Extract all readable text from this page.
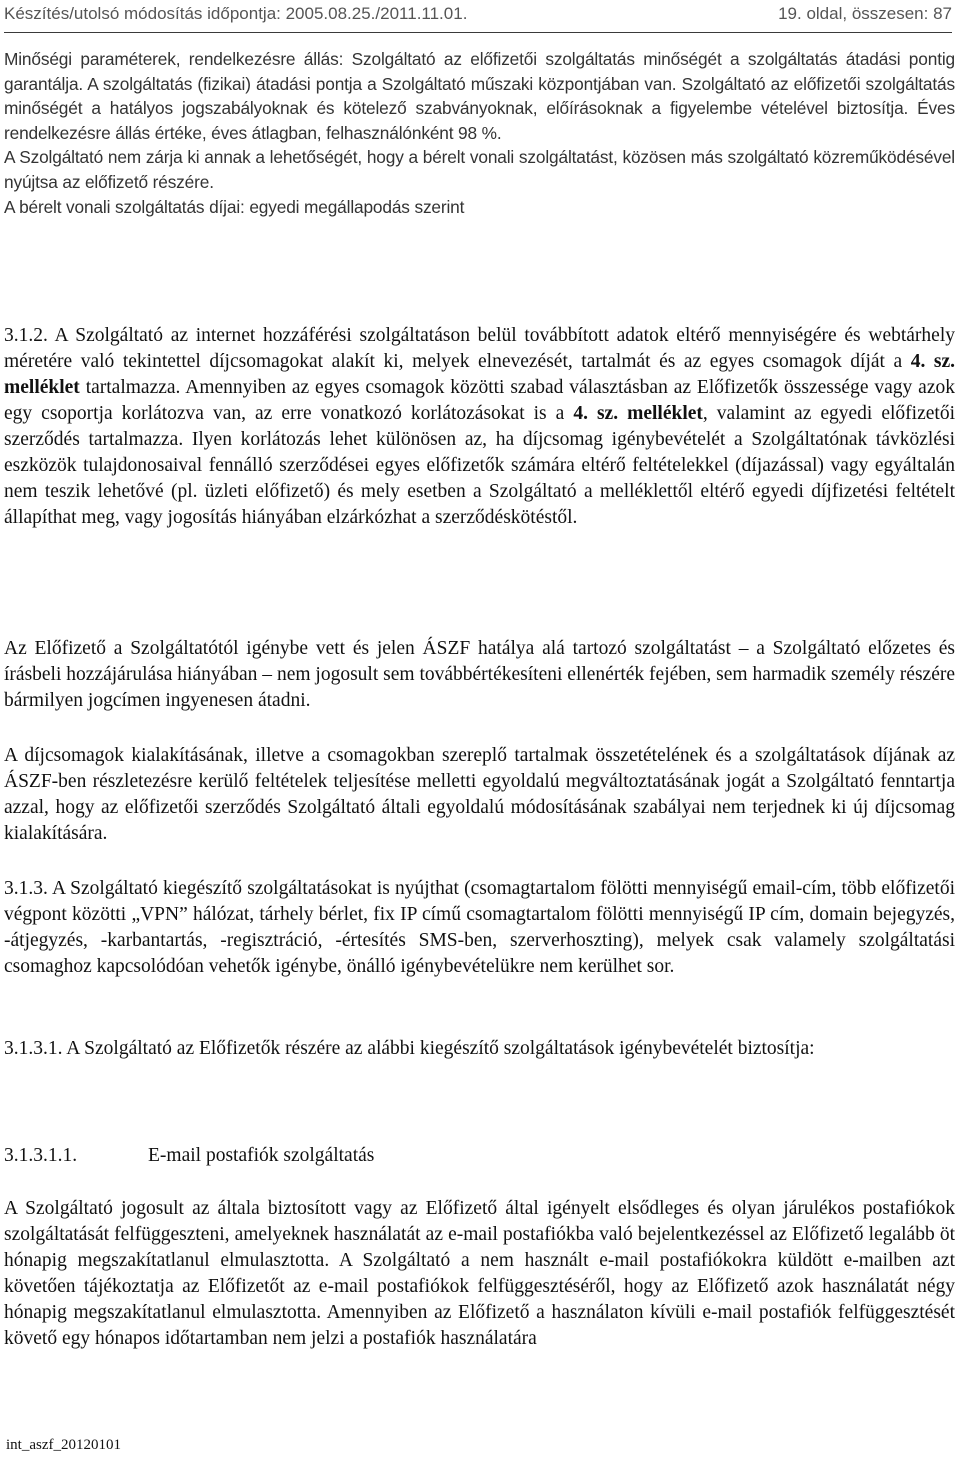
Készítés/utolsó módosítás időpontja: 2005.08.25./2011.11.01.	19. oldal, összesen: 87

Minőségi paraméterek, rendelkezésre állás: Szolgáltató az előfizetői szolgáltatás minőségét a szolgáltatás átadási pontig garantálja. A szolgáltatás (fizikai) átadási pontja a Szolgáltató műszaki központjában van. Szolgáltató az előfizetői szolgáltatás minőségét a hatályos jogszabályoknak és kötelező szabványoknak, előírásoknak a figyelembe vételével biztosítja. Éves rendelkezésre állás értéke, éves átlagban, felhasználónként 98 %.

A Szolgáltató nem zárja ki annak a lehetőségét, hogy a bérelt vonali szolgáltatást, közösen más szolgáltató közreműködésével nyújtsa az előfizető részére.

A bérelt vonali szolgáltatás díjai: egyedi megállapodás szerint

3.1.2. A Szolgáltató az internet hozzáférési szolgáltatáson belül továbbított adatok eltérő mennyiségére és webtárhely méretére való tekintettel díjcsomagokat alakít ki, melyek elnevezését, tartalmát és az egyes csomagok díját a 4. sz. melléklet tartalmazza. Amennyiben az egyes csomagok közötti szabad választásban az Előfizetők összessége vagy azok egy csoportja korlátozva van, az erre vonatkozó korlátozásokat is a 4. sz. melléklet, valamint az egyedi előfizetői szerződés tartalmazza. Ilyen korlátozás lehet különösen az, ha díjcsomag igénybevételét a Szolgáltatónak távközlési eszközök tulajdonosaival fennálló szerződései egyes előfizetők számára eltérő feltételekkel (díjazással) vagy egyáltalán nem teszik lehetővé (pl. üzleti előfizető) és mely esetben a Szolgáltató a melléklettől eltérő egyedi díjfizetési feltételt állapíthat meg, vagy jogosítás hiányában elzárkózhat a szerződéskötéstől.

Az Előfizető a Szolgáltatótól igénybe vett és jelen ÁSZF hatálya alá tartozó szolgáltatást – a Szolgáltató előzetes és írásbeli hozzájárulása hiányában – nem jogosult sem továbbértékesíteni ellenérték fejében, sem harmadik személy részére bármilyen jogcímen ingyenesen átadni.
A díjcsomagok kialakításának, illetve a csomagokban szereplő tartalmak összetételének és a szolgáltatások díjának az ÁSZF-ben részletezésre kerülő feltételek teljesítése melletti egyoldalú megváltoztatásának jogát a Szolgáltató fenntartja azzal, hogy az előfizetői szerződés Szolgáltató általi egyoldalú módosításának szabályai nem terjednek ki új díjcsomag kialakítására.
3.1.3. A Szolgáltató kiegészítő szolgáltatásokat is nyújthat (csomagtartalom fölötti mennyiségű email-cím, több előfizetői végpont közötti „VPN” hálózat, tárhely bérlet, fix IP című csomagtartalom fölötti mennyiségű IP cím, domain bejegyzés, -átjegyzés, -karbantartás, -regisztráció, -értesítés SMS-ben, szerverhoszting), melyek csak valamely szolgáltatási csomaghoz kapcsolódóan vehetők igénybe, önálló igénybevételükre nem kerülhet sor.
3.1.3.1. A Szolgáltató az Előfizetők részére az alábbi kiegészítő szolgáltatások igénybevételét biztosítja:
3.1.3.1.1.	E-mail postafiók szolgáltatás
A Szolgáltató jogosult az általa biztosított vagy az Előfizető által igényelt elsődleges és olyan járulékos postafiókok szolgáltatását felfüggeszteni, amelyeknek használatát az e-mail postafiókba való bejelentkezéssel az Előfizető legalább öt hónapig megszakítatlanul elmulasztotta. A Szolgáltató a nem használt e-mail postafiókokra küldött e-mailben azt követően tájékoztatja az Előfizetőt az e-mail postafiókok felfüggesztéséről, hogy az Előfizető azok használatát négy hónapig megszakítatlanul elmulasztotta. Amennyiben az Előfizető a használaton kívüli e-mail postafiók felfüggesztését követő egy hónapos időtartamban nem jelzi a postafiók használatára
int_aszf_20120101
